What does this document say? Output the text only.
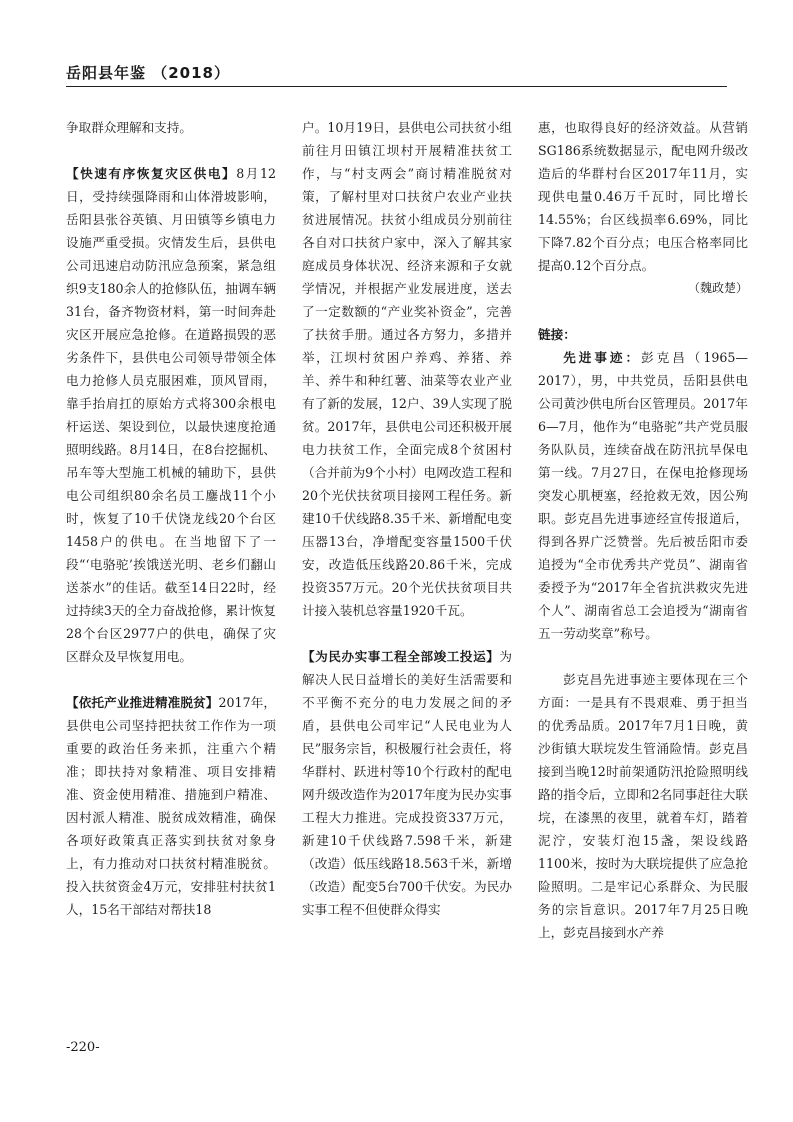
岳阳县年鉴 （2018）

争取群众理解和支持。

【快速有序恢复灾区供电】8月12日，受持续强降雨和山体滑坡影响，岳阳县张谷英镇、月田镇等乡镇电力设施严重受损。灾情发生后，县供电公司迅速启动防汛应急预案，紧急组织9支180余人的抢修队伍，抽调车辆31台，备齐物资材料，第一时间奔赴灾区开展应急抢修。在道路损毁的恶劣条件下，县供电公司领导带领全体电力抢修人员克服困难，顶风冒雨，靠手抬肩扛的原始方式将300余根电杆运送、架设到位，以最快速度抢通照明线路。8月14日，在8台挖掘机、吊车等大型施工机械的辅助下，县供电公司组织80余名员工鏖战11个小时，恢复了10千伏饶龙线20个台区1458户的供电。在当地留下了一段“‘电骆驼’挨饿送光明、老乡们翻山送茶水”的佳话。截至14日22时，经过持续3天的全力奋战抢修，累计恢复28个台区2977户的供电，确保了灾区群众及早恢复用电。

【依托产业推进精准脱贫】2017年，县供电公司坚持把扶贫工作作为一项重要的政治任务来抓，注重六个精准；即扶持对象精准、项目安排精准、资金使用精准、措施到户精准、因村派人精准、脱贫成效精准，确保各项好政策真正落实到扶贫对象身上，有力推动对口扶贫村精准脱贫。投入扶贫资金4万元，安排驻村扶贫1人，15名干部结对帮扶18

户。10月19日，县供电公司扶贫小组前往月田镇江坝村开展精准扶贫工作，与“村支两会”商讨精准脱贫对策，了解村里对口扶贫户农业产业扶贫进展情况。扶贫小组成员分别前往各自对口扶贫户家中，深入了解其家庭成员身体状况、经济来源和子女就学情况，并根据产业发展进度，送去了一定数额的“产业奖补资金”，完善了扶贫手册。通过各方努力，多措并举，江坝村贫困户养鸡、养猪、养羊、养牛和种红薯、油菜等农业产业有了新的发展，12户、39人实现了脱贫。2017年，县供电公司还积极开展电力扶贫工作，全面完成8个贫困村（合并前为9个小村）电网改造工程和20个光伏扶贫项目接网工程任务。新建10千伏线路8.35千米、新增配电变压器13台，净增配变容量1500千伏安，改造低压线路20.86千米，完成投资357万元。20个光伏扶贫项目共计接入装机总容量1920千瓦。

【为民办实事工程全部竣工投运】为解决人民日益增长的美好生活需要和不平衡不充分的电力发展之间的矛盾，县供电公司牢记“人民电业为人民”服务宗旨，积极履行社会责任，将华群村、跃进村等10个行政村的配电网升级改造作为2017年度为民办实事工程大力推进。完成投资337万元，新建10千伏线路7.598千米，新建（改造）低压线路18.563千米，新增（改造）配变5台700千伏安。为民办实事工程不但使群众得实

惠，也取得良好的经济效益。从营销SG186系统数据显示，配电网升级改造后的华群村台区2017年11月，实现供电量0.46万千瓦时，同比增长14.55%；台区线损率6.69%，同比下降7.82个百分点；电压合格率同比提高0.12个百分点。

（魏政楚）

链接：

先进事迹：彭克昌（1965—2017），男，中共党员，岳阳县供电公司黄沙供电所台区管理员。2017年6—7月，他作为“电骆驼”共产党员服务队队员，连续奋战在防汛抗旱保电第一线。7月27日，在保电抢修现场突发心肌梗塞，经抢救无效，因公殉职。彭克昌先进事迹经宣传报道后，得到各界广泛赞誉。先后被岳阳市委追授为“全市优秀共产党员”、湖南省委授予为“2017年全省抗洪救灾先进个人”、湖南省总工会追授为“湖南省五一劳动奖章”称号。

彭克昌先进事迹主要体现在三个方面：一是具有不畏艰难、勇于担当的优秀品质。2017年7月1日晚，黄沙街镇大联垸发生管涌险情。彭克昌接到当晚12时前架通防汛抢险照明线路的指令后，立即和2名同事赶往大联垸，在漆黑的夜里，就着车灯，踏着泥泞，安装灯泡15盏，架设线路1100米，按时为大联垸提供了应急抢险照明。二是牢记心系群众、为民服务的宗旨意识。2017年7月25日晚上，彭克昌接到水产养

-220-
